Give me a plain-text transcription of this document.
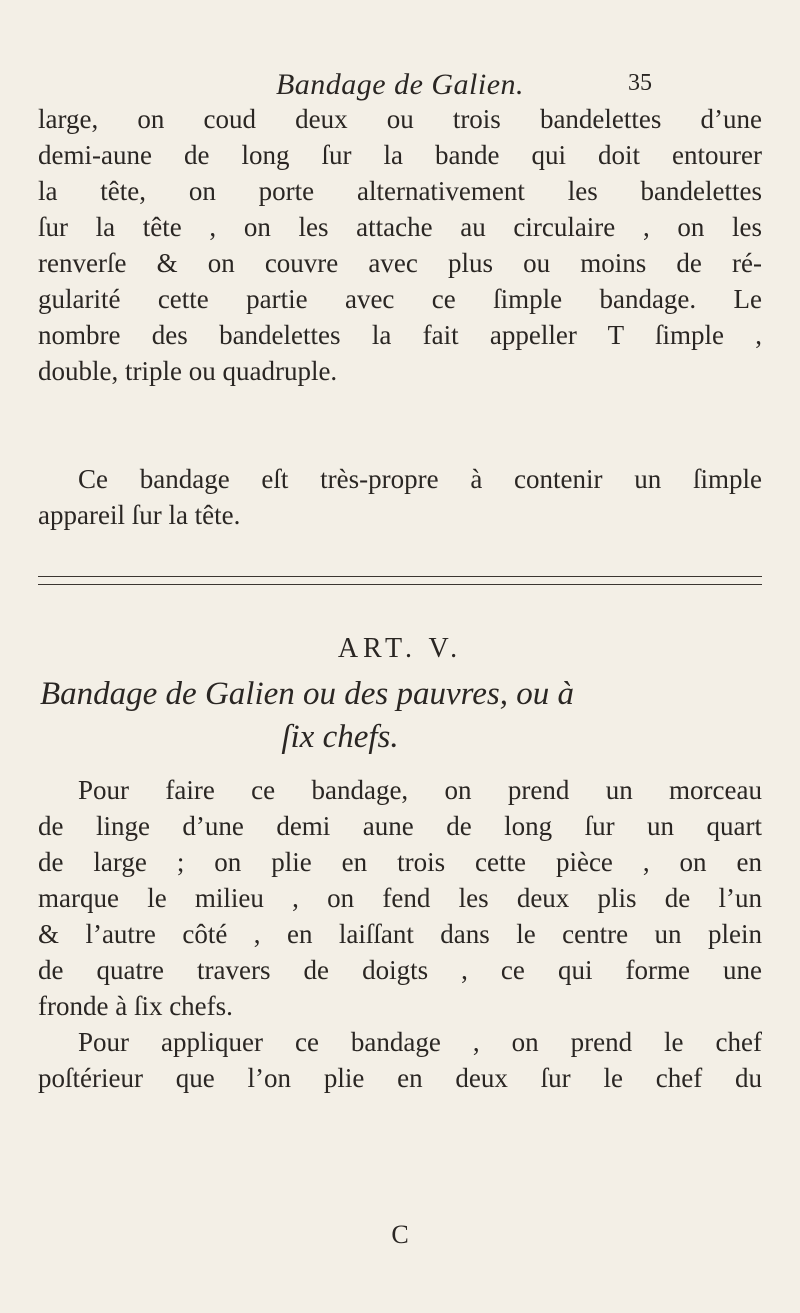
Bandage de Galien.	35
large, on coud deux ou trois bandelettes d’une
demi-aune de long ſur la bande qui doit entourer
la tête, on porte alternativement les bandelettes
ſur la tête , on les attache au circulaire , on les
renverſe & on couvre avec plus ou moins de ré-
gularité cette partie avec ce ſimple bandage. Le
nombre des bandelettes la fait appeller T ſimple ,
double, triple ou quadruple.
Ce bandage eſt très-propre à contenir un ſimple
appareil ſur la tête.
ART. V.
Bandage de Galien ou des pauvres, ou à
ſix chefs.
Pour faire ce bandage, on prend un morceau
de linge d’une demi aune de long ſur un quart
de large ; on plie en trois cette pièce , on en
marque le milieu , on fend les deux plis de l’un
& l’autre côté , en laiſſant dans le centre un plein
de quatre travers de doigts , ce qui forme une
fronde à ſix chefs.
Pour appliquer ce bandage , on prend le chef
poſtérieur que l’on plie en deux ſur le chef du
C
